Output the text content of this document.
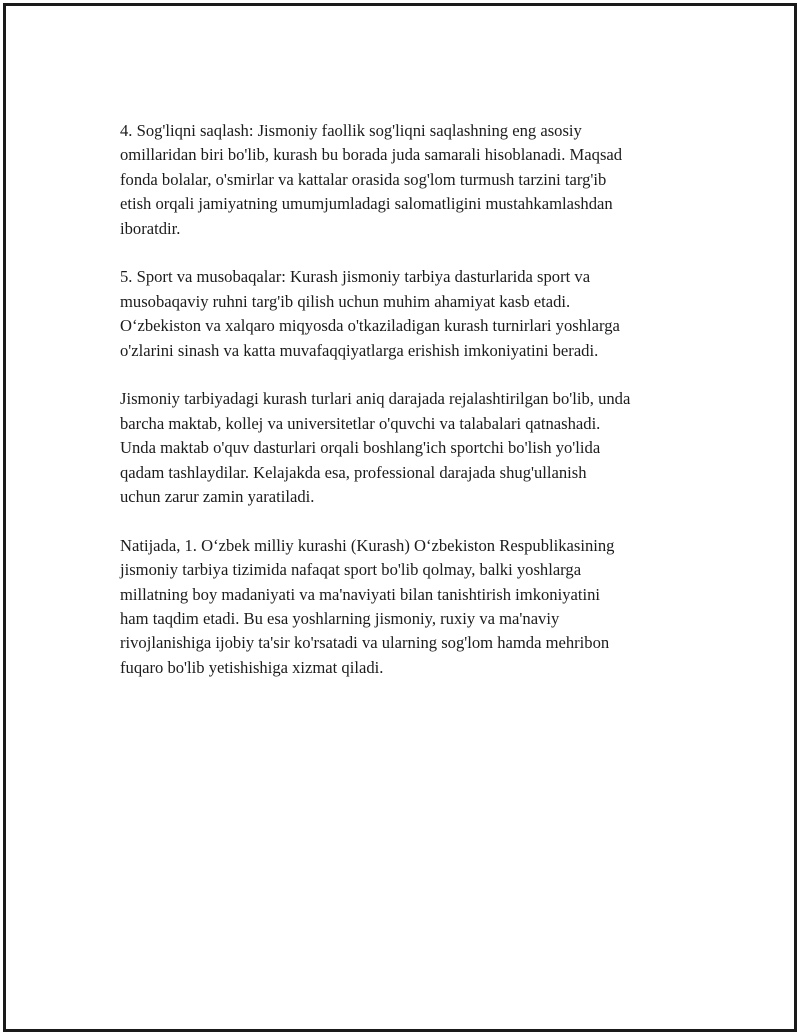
4. Sog'liqni saqlash: Jismoniy faollik sog'liqni saqlashning eng asosiy
omillaridan biri bo'lib, kurash bu borada juda samarali hisoblanadi. Maqsad
fonda bolalar, o'smirlar va kattalar orasida sog'lom turmush tarzini targ'ib
etish orqali jamiyatning umumjumladagi salomatligini mustahkamlashdan
iboratdir.

5. Sport va musobaqalar: Kurash jismoniy tarbiya dasturlarida sport va
musobaqaviy ruhni targ'ib qilish uchun muhim ahamiyat kasb etadi.
O‘zbekiston va xalqaro miqyosda o'tkaziladigan kurash turnirlari yoshlarga
o'zlarini sinash va katta muvafaqqiyatlarga erishish imkoniyatini beradi.

Jismoniy tarbiyadagi kurash turlari aniq darajada rejalashtirilgan bo'lib, unda
barcha maktab, kollej va universitetlar o'quvchi va talabalari qatnashadi.
Unda maktab o'quv dasturlari orqali boshlang'ich sportchi bo'lish yo'lida
qadam tashlaydilar. Kelajakda esa, professional darajada shug'ullanish
uchun zarur zamin yaratiladi.

Natijada, 1. O‘zbek milliy kurashi (Kurash) O‘zbekiston Respublikasining
jismoniy tarbiya tizimida nafaqat sport bo'lib qolmay, balki yoshlarga
millatning boy madaniyati va ma'naviyati bilan tanishtirish imkoniyatini
ham taqdim etadi. Bu esa yoshlarning jismoniy, ruxiy va ma'naviy
rivojlanishiga ijobiy ta'sir ko'rsatadi va ularning sog'lom hamda mehribon
fuqaro bo'lib yetishishiga xizmat qiladi.
